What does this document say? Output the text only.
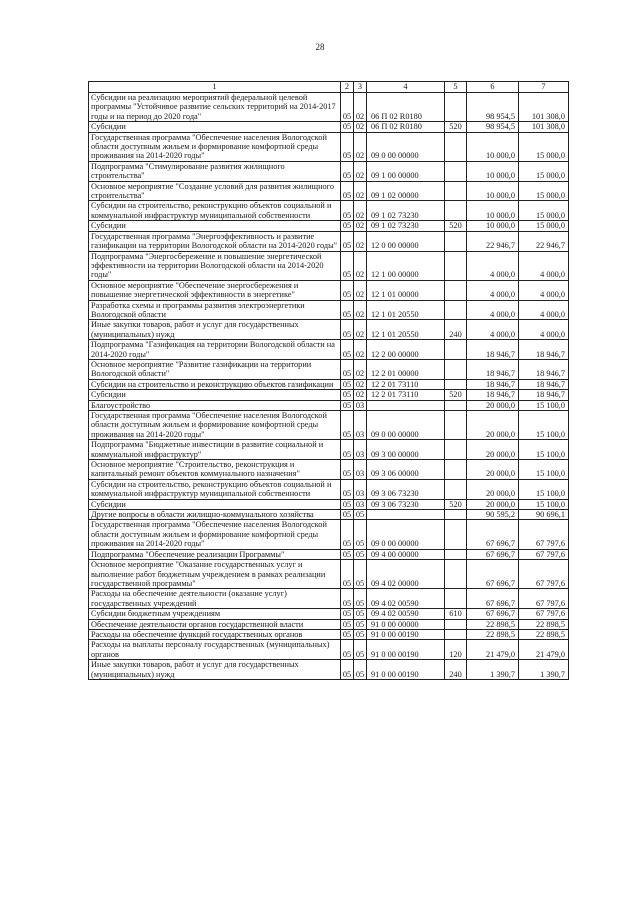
28
1	2	3	4	5	6	7
Субсидии на реализацию мероприятий федеральной целевой программы "Устойчивое развитие сельских территорий на 2014-2017 годы и на период до 2020 года"	05	02	06 П 02 R0180		98 954,5	101 308,0
Субсидии	05	02	06 П 02 R0180	520	98 954,5	101 308,0
Государственная программа "Обеспечение населения Вологодской области доступным жильем и формирование комфортной среды проживания на 2014-2020 годы"	05	02	09 0 00 00000		10 000,0	15 000,0
Подпрограмма "Стимулирование развития жилищного строительства"	05	02	09 1 00 00000		10 000,0	15 000,0
Основное мероприятие "Создание условий для развития жилищного строительства"	05	02	09 1 02 00000		10 000,0	15 000,0
Субсидии на строительство, реконструкцию объектов социальной и коммунальной инфраструктур муниципальной собственности	05	02	09 1 02 73230		10 000,0	15 000,0
Субсидии	05	02	09 1 02 73230	520	10 000,0	15 000,0
Государственная программа "Энергоэффективность и развитие газификации на территории Вологодской области на 2014-2020 годы"	05	02	12 0 00 00000		22 946,7	22 946,7
Подпрограмма "Энергосбережение и повышение энергетической эффективности на территории Вологодской области на 2014-2020 годы"	05	02	12 1 00 00000		4 000,0	4 000,0
Основное мероприятие "Обеспечение энергосбережения и повышение энергетической эффективности в энергетике"	05	02	12 1 01 00000		4 000,0	4 000,0
Разработка схемы и программы развития электроэнергетики Вологодской области	05	02	12 1 01 20550		4 000,0	4 000,0
Иные закупки товаров, работ и услуг для государственных (муниципальных) нужд	05	02	12 1 01 20550	240	4 000,0	4 000,0
Подпрограмма "Газификация на территории Вологодской области на 2014-2020 годы"	05	02	12 2 00 00000		18 946,7	18 946,7
Основное мероприятие "Развитие газификации на территории Вологодской области"	05	02	12 2 01 00000		18 946,7	18 946,7
Субсидии на строительство и реконструкцию объектов газификации	05	02	12 2 01 73110		18 946,7	18 946,7
Субсидии	05	02	12 2 01 73110	520	18 946,7	18 946,7
Благоустройство	05	03			20 000,0	15 100,0
Государственная программа "Обеспечение населения Вологодской области доступным жильем и формирование комфортной среды проживания на 2014-2020 годы"	05	03	09 0 00 00000		20 000,0	15 100,0
Подпрограмма "Бюджетные инвестиции в развитие социальной и коммунальной инфраструктур"	05	03	09 3 00 00000		20 000,0	15 100,0
Основное мероприятие "Строительство, реконструкция и капитальный ремонт объектов коммунального назначения"	05	03	09 3 06 00000		20 000,0	15 100,0
Субсидии на строительство, реконструкцию объектов социальной и коммунальной инфраструктур муниципальной собственности	05	03	09 3 06 73230		20 000,0	15 100,0
Субсидии	05	03	09 3 06 73230	520	20 000,0	15 100,0
Другие вопросы в области жилищно-коммунального хозяйства	05	05			90 595,2	90 696,1
Государственная программа "Обеспечение населения Вологодской области доступным жильем и формирование комфортной среды проживания на 2014-2020 годы"	05	05	09 0 00 00000		67 696,7	67 797,6
Подпрограмма "Обеспечение реализации Программы"	05	05	09 4 00 00000		67 696,7	67 797,6
Основное мероприятие "Оказание государственных услуг и выполнение работ бюджетным учреждением в рамках реализации государственной программы"	05	05	09 4 02 00000		67 696,7	67 797,6
Расходы на обеспечение деятельности (оказание услуг) государственных учреждений	05	05	09 4 02 00590		67 696,7	67 797,6
Субсидии бюджетным учреждениям	05	05	09 4 02 00590	610	67 696,7	67 797,6
Обеспечение деятельности органов государственной власти	05	05	91 0 00 00000		22 898,5	22 898,5
Расходы на обеспечение функций государственных органов	05	05	91 0 00 00190		22 898,5	22 898,5
Расходы на выплаты персоналу государственных (муниципальных) органов	05	05	91 0 00 00190	120	21 479,0	21 479,0
Иные закупки товаров, работ и услуг для государственных (муниципальных) нужд	05	05	91 0 00 00190	240	1 390,7	1 390,7
